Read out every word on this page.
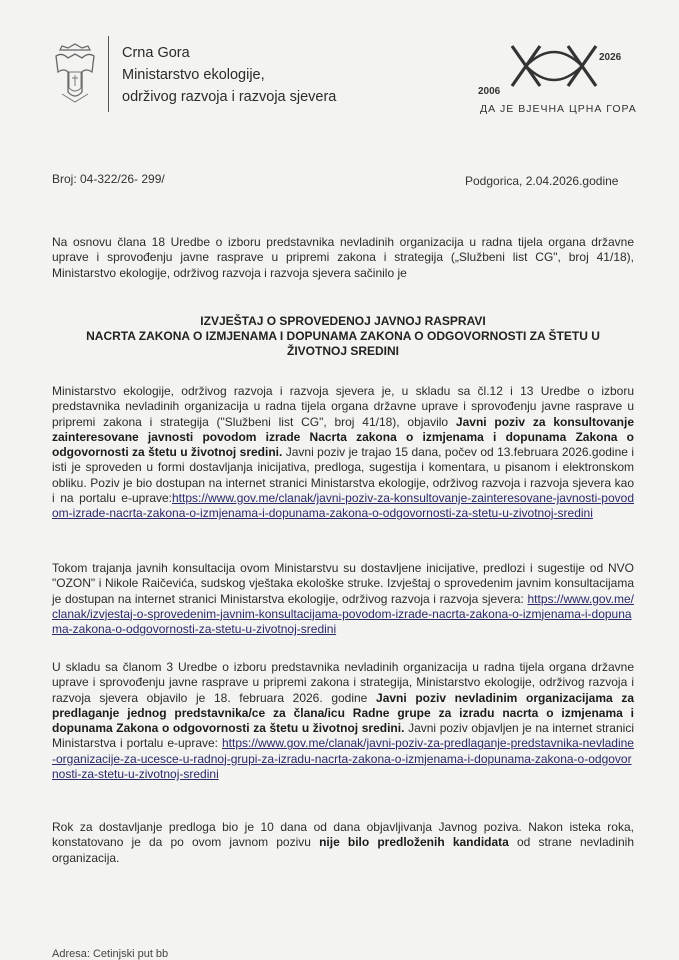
Crna Gora
Ministarstvo ekologije,
održivog razvoja i razvoja sjevera	2006
2026
ДА ЈЕ ВЈЕЧНА ЦРНА ГОРА
Broj: 04-322/26- 299/	Podgorica, 2.04.2026.godine
Na osnovu člana 18 Uredbe o izboru predstavnika nevladinih organizacija u radna tijela organa državne uprave i sprovođenju javne rasprave u pripremi zakona i strategija („Službeni list CG", broj 41/18), Ministarstvo ekologije, održivog razvoja i razvoja sjevera sačinilo je
IZVJEŠTAJ O SPROVEDENOJ JAVNOJ RASPRAVI
NACRTA ZAKONA O IZMJENAMA I DOPUNAMA ZAKONA O ODGOVORNOSTI ZA ŠTETU U
ŽIVOTNOJ SREDINI
Ministarstvo ekologije, održivog razvoja i razvoja sjevera je, u skladu sa čl.12 i 13 Uredbe o izboru predstavnika nevladinih organizacija u radna tijela organa državne uprave i sprovođenju javne rasprave u pripremi zakona i strategija ("Službeni list CG", broj 41/18), objavilo Javni poziv za konsultovanje zainteresovane javnosti povodom izrade Nacrta zakona o izmjenama i dopunama Zakona o odgovornosti za štetu u životnoj sredini. Javni poziv je trajao 15 dana, počev od 13.februara 2026.godine i isti je sproveden u formi dostavljanja inicijativa, predloga, sugestija i komentara, u pisanom i elektronskom obliku. Poziv je bio dostupan na internet stranici Ministarstva ekologije, održivog razvoja i razvoja sjevera kao i na portalu e-uprave:https://www.gov.me/clanak/javni-poziv-za-konsultovanje-zainteresovane-javnosti-povodom-izrade-nacrta-zakona-o-izmjenama-i-dopunama-zakona-o-odgovornosti-za-stetu-u-zivotnoj-sredini
Tokom trajanja javnih konsultacija ovom Ministarstvu su dostavljene inicijative, predlozi i sugestije od NVO "OZON" i Nikole Raičevića, sudskog vještaka ekološke struke. Izvještaj o sprovedenim javnim konsultacijama je dostupan na internet stranici Ministarstva ekologije, održivog razvoja i razvoja sjevera: https://www.gov.me/clanak/izvjestaj-o-sprovedenim-javnim-konsultacijama-povodom-izrade-nacrta-zakona-o-izmjenama-i-dopunama-zakona-o-odgovornosti-za-stetu-u-zivotnoj-sredini
U skladu sa članom 3 Uredbe o izboru predstavnika nevladinih organizacija u radna tijela organa državne uprave i sprovođenju javne rasprave u pripremi zakona i strategija, Ministarstvo ekologije, održivog razvoja i razvoja sjevera objavilo je 18. februara 2026. godine Javni poziv nevladinim organizacijama za predlaganje jednog predstavnika/ce za člana/icu Radne grupe za izradu nacrta o izmjenama i dopunama Zakona o odgovornosti za štetu u životnoj sredini. Javni poziv objavljen je na internet stranici Ministarstva i portalu e-uprave: https://www.gov.me/clanak/javni-poziv-za-predlaganje-predstavnika-nevladine-organizacije-za-ucesce-u-radnoj-grupi-za-izradu-nacrta-zakona-o-izmjenama-i-dopunama-zakona-o-odgovornosti-za-stetu-u-zivotnoj-sredini
Rok za dostavljanje predloga bio je 10 dana od dana objavljivanja Javnog poziva. Nakon isteka roka, konstatovano je da po ovom javnom pozivu nije bilo predloženih kandidata od strane nevladinih organizacija.
Adresa: Cetinjski put bb
